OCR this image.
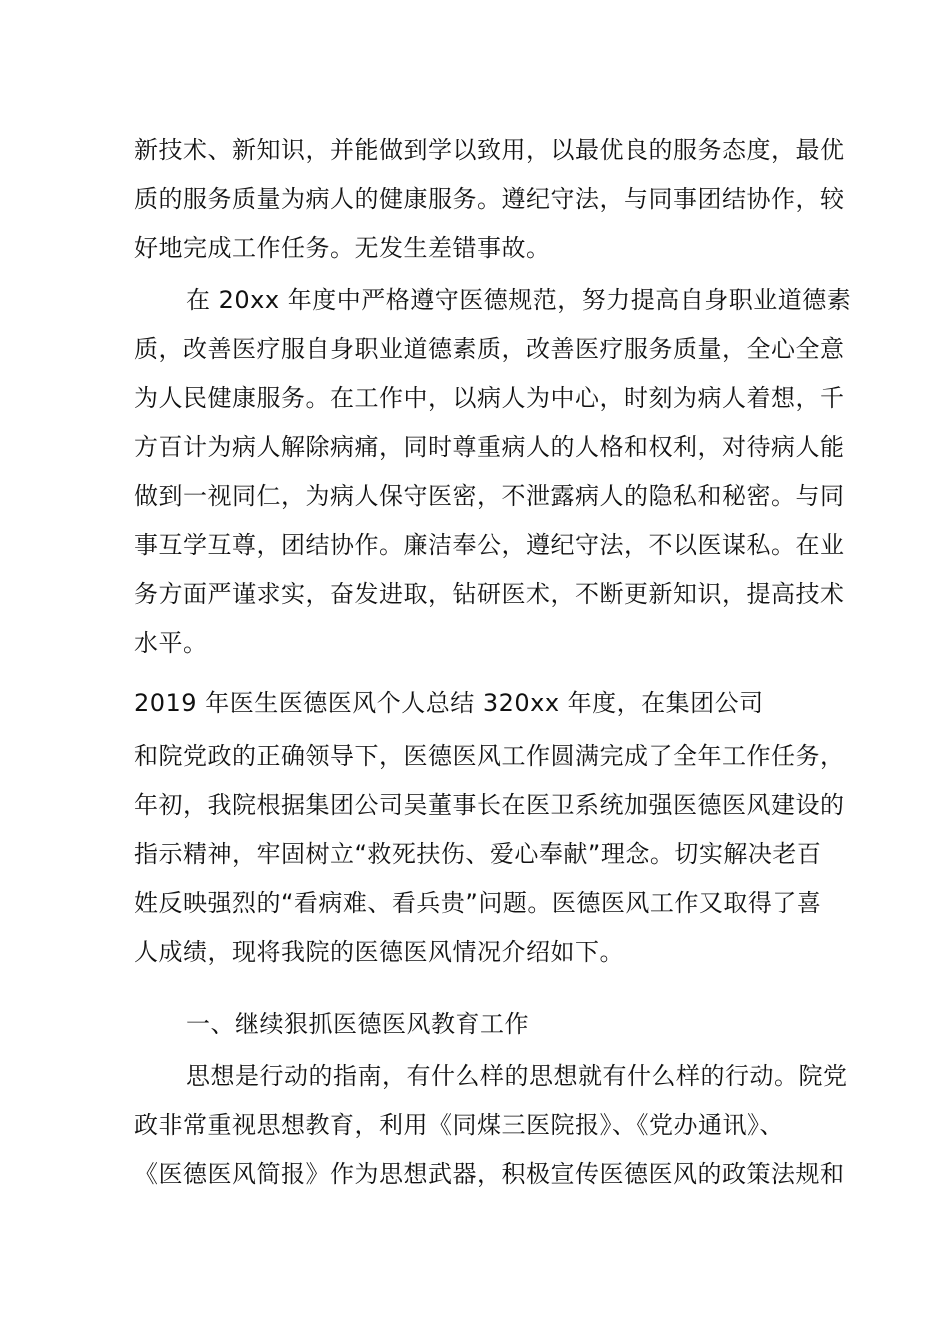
新技术、新知识，并能做到学以致用，以最优良的服务态度，最优
质的服务质量为病人的健康服务。遵纪守法，与同事团结协作，较
好地完成工作任务。无发生差错事故。
在 20xx 年度中严格遵守医德规范，努力提高自身职业道德素
质，改善医疗服自身职业道德素质，改善医疗服务质量，全心全意
为人民健康服务。在工作中，以病人为中心，时刻为病人着想，千
方百计为病人解除病痛，同时尊重病人的人格和权利，对待病人能
做到一视同仁，为病人保守医密，不泄露病人的隐私和秘密。与同
事互学互尊，团结协作。廉洁奉公，遵纪守法，不以医谋私。在业
务方面严谨求实，奋发进取，钻研医术，不断更新知识，提高技术
水平。
2019 年医生医德医风个人总结 320xx 年度，在集团公司
和院党政的正确领导下，医德医风工作圆满完成了全年工作任务，
年初，我院根据集团公司吴董事长在医卫系统加强医德医风建设的
指示精神，牢固树立“救死扶伤、爱心奉献”理念。切实解决老百
姓反映强烈的“看病难、看兵贵”问题。医德医风工作又取得了喜
人成绩，现将我院的医德医风情况介绍如下。
一、继续狠抓医德医风教育工作
思想是行动的指南，有什么样的思想就有什么样的行动。院党
政非常重视思想教育，利用《同煤三医院报》、《党办通讯》、
《医德医风简报》作为思想武器，积极宣传医德医风的政策法规和
